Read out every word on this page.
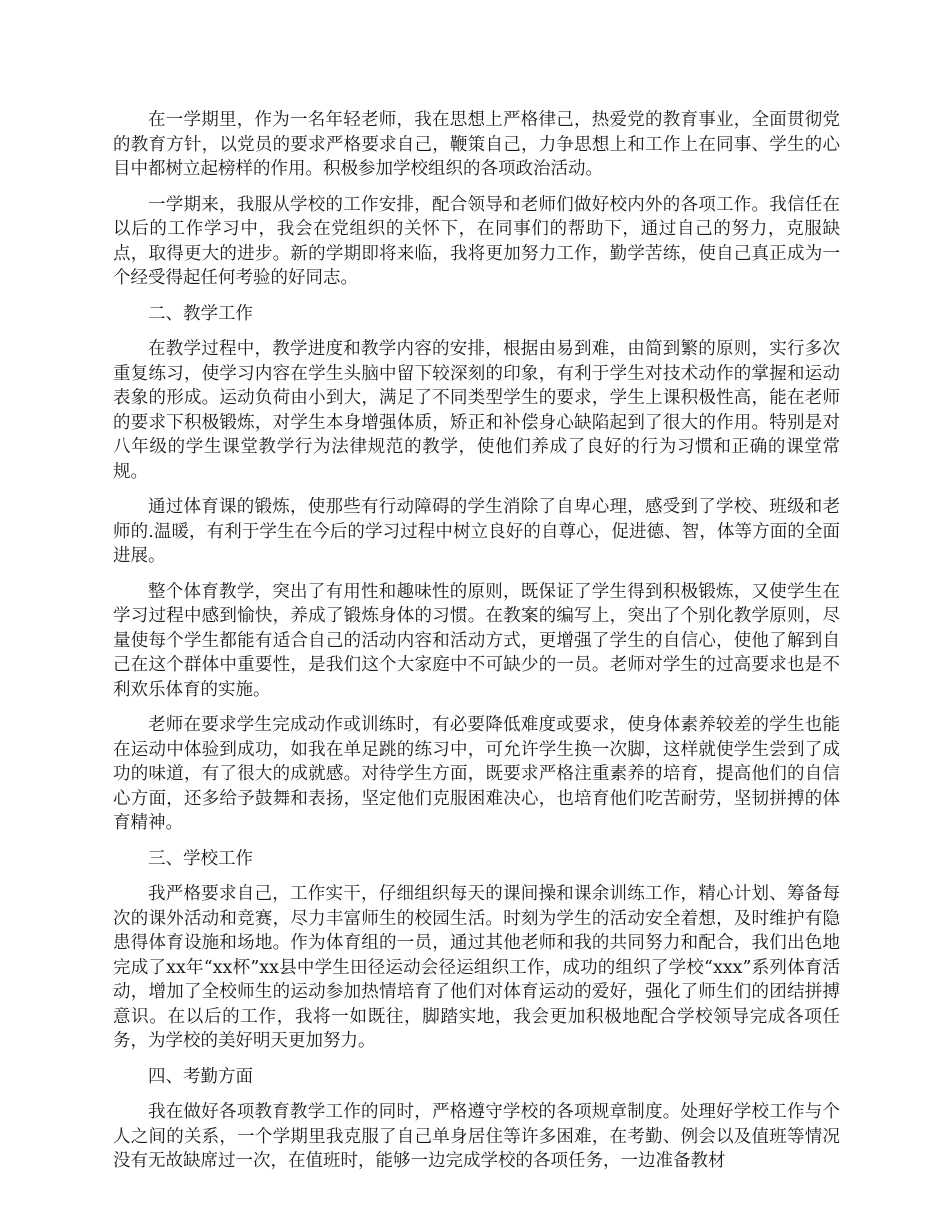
在一学期里，作为一名年轻老师，我在思想上严格律己，热爱党的教育事业，全面贯彻党的教育方针，以党员的要求严格要求自己，鞭策自己，力争思想上和工作上在同事、学生的心目中都树立起榜样的作用。积极参加学校组织的各项政治活动。

一学期来，我服从学校的工作安排，配合领导和老师们做好校内外的各项工作。我信任在以后的工作学习中，我会在党组织的关怀下，在同事们的帮助下，通过自己的努力，克服缺点，取得更大的进步。新的学期即将来临，我将更加努力工作，勤学苦练，使自己真正成为一个经受得起任何考验的好同志。

二、教学工作

在教学过程中，教学进度和教学内容的安排，根据由易到难，由简到繁的原则，实行多次重复练习，使学习内容在学生头脑中留下较深刻的印象，有利于学生对技术动作的掌握和运动表象的形成。运动负荷由小到大，满足了不同类型学生的要求，学生上课积极性高，能在老师的要求下积极锻炼，对学生本身增强体质，矫正和补偿身心缺陷起到了很大的作用。特别是对八年级的学生课堂教学行为法律规范的教学，使他们养成了良好的行为习惯和正确的课堂常规。

通过体育课的锻炼，使那些有行动障碍的学生消除了自卑心理，感受到了学校、班级和老师的.温暖，有利于学生在今后的学习过程中树立良好的自尊心，促进德、智，体等方面的全面进展。

整个体育教学，突出了有用性和趣味性的原则，既保证了学生得到积极锻炼，又使学生在学习过程中感到愉快，养成了锻炼身体的习惯。在教案的编写上，突出了个别化教学原则，尽量使每个学生都能有适合自己的活动内容和活动方式，更增强了学生的自信心，使他了解到自己在这个群体中重要性，是我们这个大家庭中不可缺少的一员。老师对学生的过高要求也是不利欢乐体育的实施。

老师在要求学生完成动作或训练时，有必要降低难度或要求，使身体素养较差的学生也能在运动中体验到成功，如我在单足跳的练习中，可允许学生换一次脚，这样就使学生尝到了成功的味道，有了很大的成就感。对待学生方面，既要求严格注重素养的培育，提高他们的自信心方面，还多给予鼓舞和表扬，坚定他们克服困难决心，也培育他们吃苦耐劳，坚韧拼搏的体育精神。

三、学校工作

我严格要求自己，工作实干，仔细组织每天的课间操和课余训练工作，精心计划、筹备每次的课外活动和竞赛，尽力丰富师生的校园生活。时刻为学生的活动安全着想，及时维护有隐患得体育设施和场地。作为体育组的一员，通过其他老师和我的共同努力和配合，我们出色地完成了xx年“xx杯”xx县中学生田径运动会径运组织工作，成功的组织了学校“xxx”系列体育活动，增加了全校师生的运动参加热情培育了他们对体育运动的爱好，强化了师生们的团结拼搏意识。在以后的工作，我将一如既往，脚踏实地，我会更加积极地配合学校领导完成各项任务，为学校的美好明天更加努力。

四、考勤方面

我在做好各项教育教学工作的同时，严格遵守学校的各项规章制度。处理好学校工作与个人之间的关系，一个学期里我克服了自己单身居住等许多困难，在考勤、例会以及值班等情况没有无故缺席过一次，在值班时，能够一边完成学校的各项任务，一边准备教材
